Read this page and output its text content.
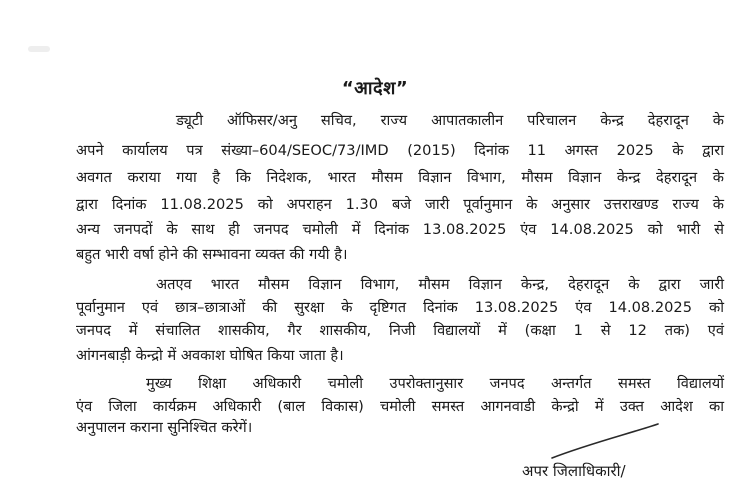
“आदेश”
ड्यूटी ऑफिसर/अनु सचिव, राज्य आपातकालीन परिचालन केन्द्र देहरादून के
अपने कार्यालय पत्र संख्या–604/SEOC/73/IMD (2015) दिनांक 11 अगस्त 2025 के द्वारा
अवगत कराया गया है कि निदेशक, भारत मौसम विज्ञान विभाग, मौसम विज्ञान केन्द्र देहरादून के
द्वारा दिनांक 11.08.2025 को अपराहन 1.30 बजे जारी पूर्वानुमान के अनुसार उत्तराखण्ड राज्य के
अन्य जनपदों के साथ ही जनपद चमोली में दिनांक 13.08.2025 एंव 14.08.2025 को भारी से
बहुत भारी वर्षा होने की सम्भावना व्यक्त की गयी है।
अतएव भारत मौसम विज्ञान विभाग, मौसम विज्ञान केन्द्र, देहरादून के द्वारा जारी
पूर्वानुमान एवं छात्र–छात्राओं की सुरक्षा के दृष्टिगत दिनांक 13.08.2025 एंव 14.08.2025 को
जनपद में संचालित शासकीय, गैर शासकीय, निजी विद्यालयों में (कक्षा 1 से 12 तक) एवं
आंगनबाड़ी केन्द्रो में अवकाश घोषित किया जाता है।
मुख्य शिक्षा अधिकारी चमोली उपरोक्तानुसार जनपद अन्तर्गत समस्त विद्यालयों
एंव जिला कार्यक्रम अधिकारी (बाल विकास) चमोली समस्त आगनवाडी केन्द्रो में उक्त आदेश का
अनुपालन कराना सुनिश्चित करेगें।
अपर जिलाधिकारी/
